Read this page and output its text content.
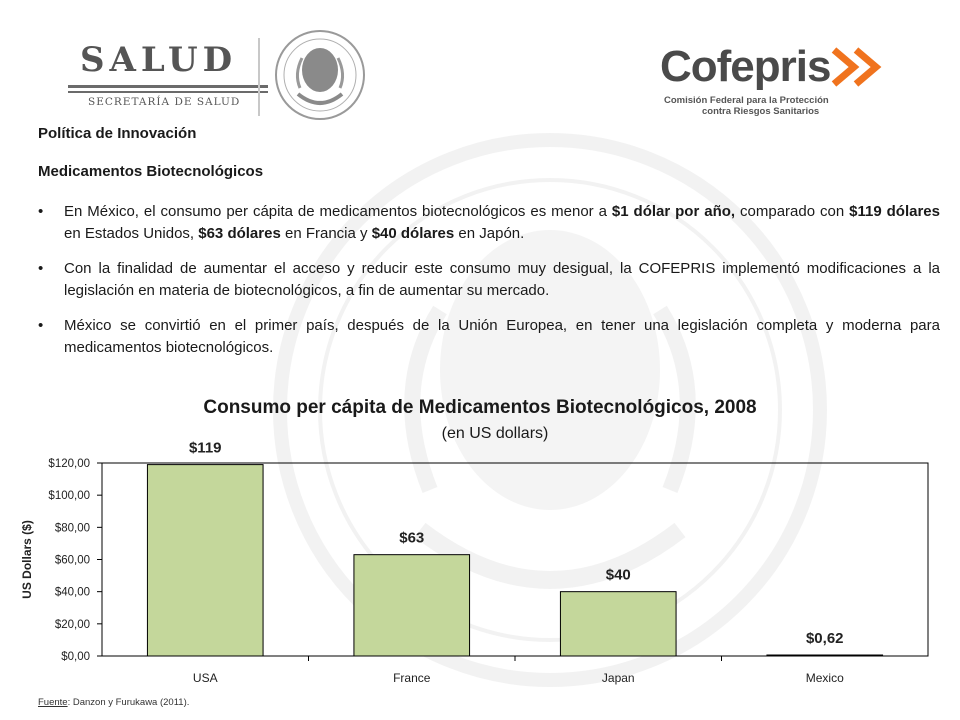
SALUD
SECRETARÍA DE SALUD
Cofepris
Comisión Federal para la Protección
contra Riesgos Sanitarios
Política de Innovación
Medicamentos Biotecnológicos
• En México, el consumo per cápita de medicamentos biotecnológicos es menor a $1 dólar por año, comparado con $119 dólares en Estados Unidos, $63 dólares en Francia y $40 dólares en Japón.
• Con la finalidad de aumentar el acceso y reducir este consumo muy desigual, la COFEPRIS implementó modificaciones a la legislación en materia de biotecnológicos, a fin de aumentar su mercado.
• México se convirtió en el primer país, después de la Unión Europea, en tener una legislación completa y moderna para medicamentos biotecnológicos.
Consumo per cápita de Medicamentos Biotecnológicos, 2008
(en US dollars)
$0,00
$20,00
$40,00
$60,00
$80,00
$100,00
$120,00
US Dollars ($)
$119
USA
$63
France
$40
Japan
$0,62
Mexico
Fuente: Danzon y Furukawa (2011).
